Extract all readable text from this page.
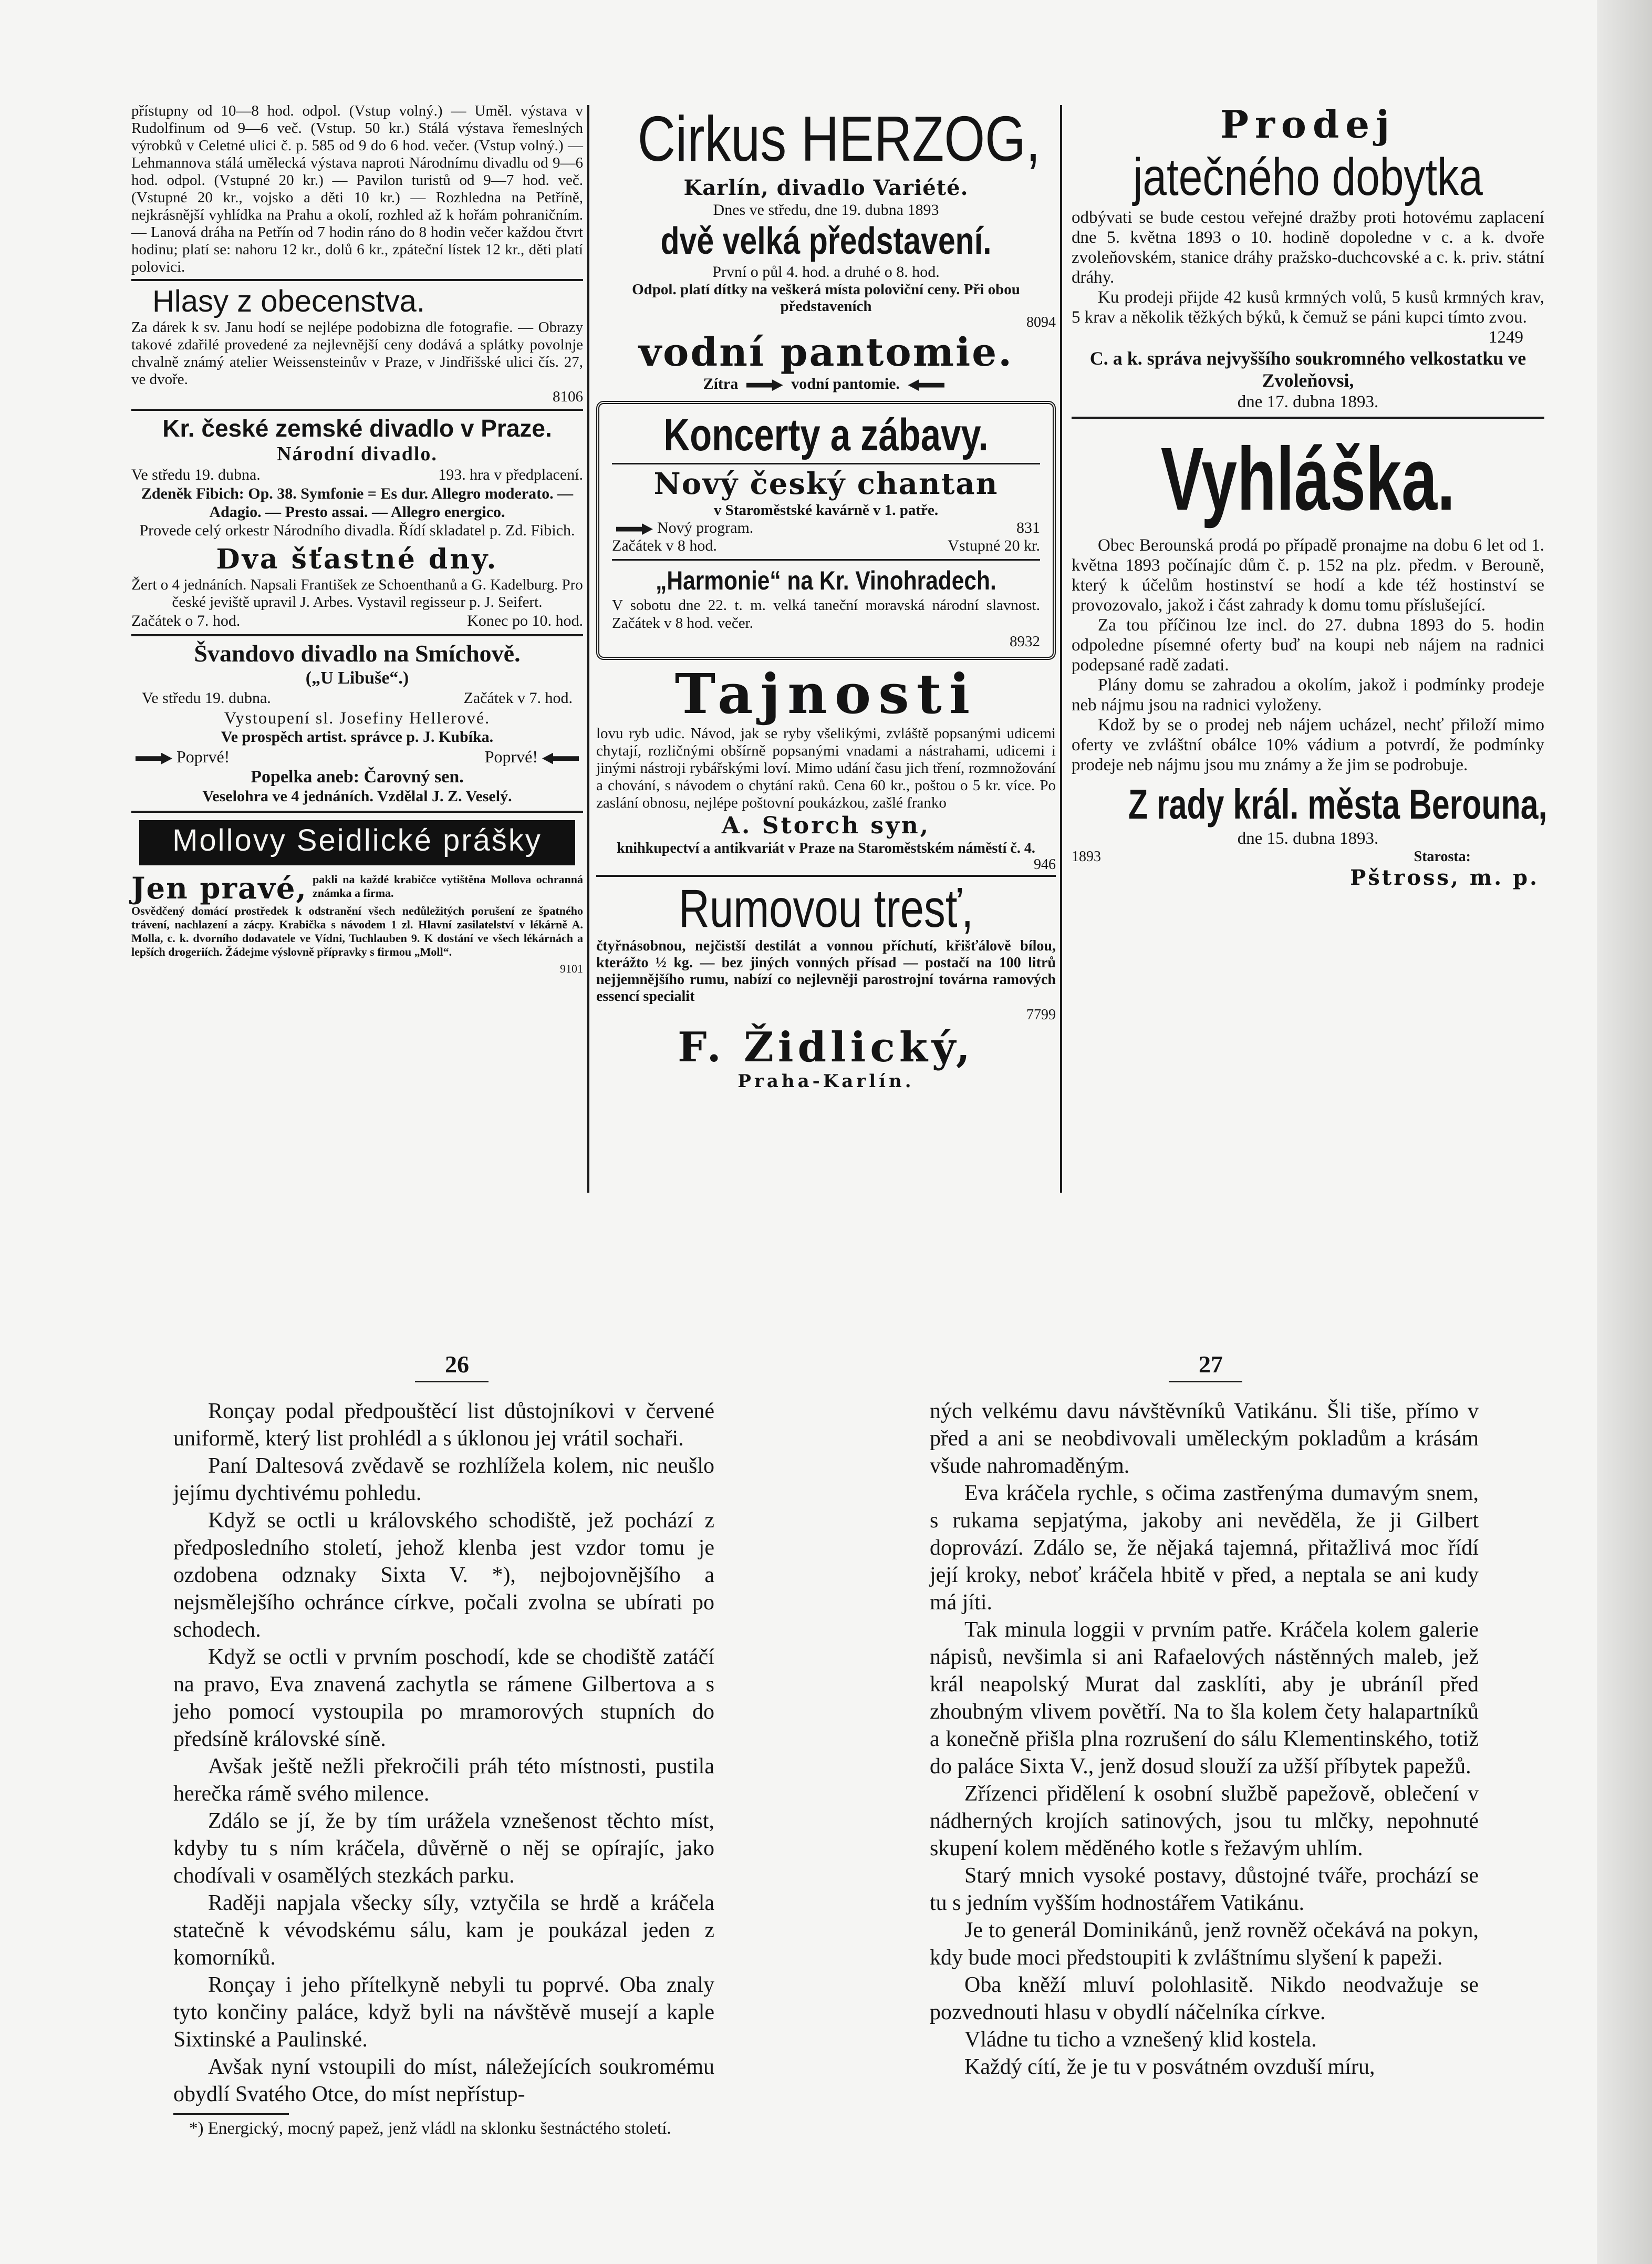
přístupny od 10—8 hod. odpol. (Vstup volný.) — Uměl. výstava v Rudolfinum od 9—6 več. (Vstup. 50 kr.) Stálá výstava řemeslných výrobků v Celetné ulici č. p. 585 od 9 do 6 hod. večer. (Vstup volný.) — Lehmannova stálá umělecká výstava naproti Národnímu divadlu od 9—6 hod. odpol. (Vstupné 20 kr.) — Pavilon turistů od 9—7 hod. več. (Vstupné 20 kr., vojsko a děti 10 kr.) — Rozhledna na Petříně, nejkrásnější vyhlídka na Prahu a okolí, rozhled až k hořám pohraničním. — Lanová dráha na Petřín od 7 hodin ráno do 8 hodin večer každou čtvrt hodinu; platí se: nahoru 12 kr., dolů 6 kr., zpáteční lístek 12 kr., děti platí polovici.

Hlasy z obecenstva.

Za dárek k sv. Janu hodí se nejlépe podobizna dle fotografie. — Obrazy takové zdařilé provedené za nejlevnější ceny dodává a splátky povolnje chvalně známý atelier Weissensteinův v Praze, v Jindřišské ulici čís. 27, ve dvoře.

8106
Kr. české zemské divadlo v Praze.
Národní divadlo.
Ve středu 19. dubna.	193. hra v předplacení.

Zdeněk Fibich: Op. 38. Symfonie = Es dur. Allegro moderato. — Adagio. — Presto assai. — Allegro energico.

Provede celý orkestr Národního divadla. Řídí skladatel p. Zd. Fibich.

Dva šťastné dny.

Žert o 4 jednáních. Napsali František ze Schoenthanů a G. Kadelburg. Pro české jeviště upravil J. Arbes. Vystavil regisseur p. J. Seifert.

Začátek o 7. hod.	Konec po 10. hod.
Švandovo divadlo na Smíchově.
(„U Libuše“.)
Ve středu 19. dubna.	Začátek v 7. hod.
Vystoupení sl. Josefiny Hellerové.
Ve prospěch artist. správce p. J. Kubíka.
Poprvé!	Poprvé!
Popelka aneb: Čarovný sen.
Veselohra ve 4 jednáních. Vzdělal J. Z. Veselý.
Mollovy Seidlické prášky
Jen pravé, pakli na každé krabičce vytištěna Mollova ochranná známka a firma.

Osvědčený domácí prostředek k odstranění všech nedůležitých porušení ze špatného trávení, nachlazení a zácpy. Krabička s návodem 1 zl. Hlavní zasilatelství v lékárně A. Molla, c. k. dvorního dodavatele ve Vídni, Tuchlauben 9. K dostání ve všech lékárnách a lepších drogeriích. Žádejme výslovně přípravky s firmou „Moll“.

9101
Cirkus HERZOG,
Karlín, divadlo Variété.
Dnes ve středu, dne 19. dubna 1893
dvě velká představení.
První o půl 4. hod. a druhé o 8. hod.

Odpol. platí dítky na veškerá místa poloviční ceny. Při obou představeních

8094
vodní pantomie.
Zítra	vodní pantomie.
Koncerty a zábavy.
Nový český chantan
v Staroměstské kavárně v 1. patře.
Nový program.	831
Začátek v 8 hod.	Vstupné 20 kr.
„Harmonie“ na Kr. Vinohradech.

V sobotu dne 22. t. m. velká taneční moravská národní slavnost. Začátek v 8 hod. večer.

8932
Tajnosti

lovu ryb udic. Návod, jak se ryby všelikými, zvláště popsanými udicemi chytají, rozličnými obšírně popsanými vnadami a nástrahami, udicemi i jinými nástroji rybářskými loví. Mimo udání času jich tření, rozmnožování a chování, s návodem o chytání raků. Cena 60 kr., poštou o 5 kr. více. Po zaslání obnosu, nejlépe poštovní poukázkou, zašlé franko

A. Storch syn,

knihkupectví a antikvariát v Praze na Staroměstském náměstí č. 4.

946
Rumovou tresť,

čtyřnásobnou, nejčistší destilát a vonnou příchutí, křišťálově bílou, kterážto ½ kg. — bez jiných vonných přísad — postačí na 100 litrů nejjemnějšího rumu, nabízí co nejlevněji parostrojní továrna ramových essencí specialit

7799
F. Židlický,
Praha-Karlín.
Prodej
jatečného dobytka

odbývati se bude cestou veřejné dražby proti hotovému zaplacení dne 5. května 1893 o 10. hodině dopoledne v c. a k. dvoře zvoleňovském, stanice dráhy pražsko-duchcovské a c. k. priv. státní dráhy.

Ku prodeji přijde 42 kusů krmných volů, 5 kusů krmných krav, 5 krav a několik těžkých býků, k čemuž se páni kupci tímto zvou.

1249
C. a k. správa nejvyššího soukromného velkostatku ve Zvoleňovsi,
dne 17. dubna 1893.
Vyhláška.

Obec Berounská prodá po případě pronajme na dobu 6 let od 1. května 1893 počínajíc dům č. p. 152 na plz. předm. v Berouně, který k účelům hostinství se hodí a kde též hostinství se provozovalo, jakož i část zahrady k domu tomu příslušející.

Za tou příčinou lze incl. do 27. dubna 1893 do 5. hodin odpoledne písemné oferty buď na koupi neb nájem na radnici podepsané radě zadati.

Plány domu se zahradou a okolím, jakož i podmínky prodeje neb nájmu jsou na radnici vyloženy.

Kdož by se o prodej neb nájem ucházel, nechť přiloží mimo oferty ve zvláštní obálce 10% vádium a potvrdí, že podmínky prodeje neb nájmu jsou mu známy a že jim se podrobuje.

Z rady král. města Berouna,
dne 15. dubna 1893.
1893	Starosta:
Pštross, m. p.
26	27

Ronçay podal předpouštěcí list důstojníkovi v červené uniformě, který list prohlédl a s úklonou jej vrátil sochaři.

Paní Daltesová zvědavě se rozhlížela kolem, nic neušlo jejímu dychtivému pohledu.

Když se octli u královského schodiště, jež pochází z předposledního století, jehož klenba jest vzdor tomu je ozdobena odznaky Sixta V. *), nejbojovnějšího a nejsmělejšího ochránce církve, počali zvolna se ubírati po schodech.

Když se octli v prvním poschodí, kde se chodiště zatáčí na pravo, Eva znavená zachytla se rámene Gilbertova a s jeho pomocí vystoupila po mramorových stupních do předsíně královské síně.

Avšak ještě nežli překročili práh této místnosti, pustila herečka rámě svého milence.

Zdálo se jí, že by tím urážela vznešenost těchto míst, kdyby tu s ním kráčela, důvěrně o něj se opírajíc, jako chodívali v osamělých stezkách parku.

Raději napjala všecky síly, vztyčila se hrdě a kráčela statečně k vévodskému sálu, kam je poukázal jeden z komorníků.

Ronçay i jeho přítelkyně nebyli tu poprvé. Oba znaly tyto končiny paláce, když byli na návštěvě musejí a kaple Sixtinské a Paulinské.

Avšak nyní vstoupili do míst, náležejících soukromému obydlí Svatého Otce, do míst nepřístup-

*) Energický, mocný papež, jenž vládl na sklonku šestnáctého století.

ných velkému davu návštěvníků Vatikánu. Šli tiše, přímo v před a ani se neobdivovali uměleckým pokladům a krásám všude nahromaděným.

Eva kráčela rychle, s očima zastřenýma dumavým snem, s rukama sepjatýma, jakoby ani nevěděla, že ji Gilbert doprovází. Zdálo se, že nějaká tajemná, přitažlivá moc řídí její kroky, neboť kráčela hbitě v před, a neptala se ani kudy má jíti.

Tak minula loggii v prvním patře. Kráčela kolem galerie nápisů, nevšimla si ani Rafaelových nástěnných maleb, jež král neapolský Murat dal zasklíti, aby je ubráníl před zhoubným vlivem povětří. Na to šla kolem čety halapartníků a konečně přišla plna rozrušení do sálu Klementinského, totiž do paláce Sixta V., jenž dosud slouží za užší příbytek papežů.

Zřízenci přidělení k osobní službě papežově, oblečení v nádherných krojích satinových, jsou tu mlčky, nepohnuté skupení kolem měděného kotle s řežavým uhlím.

Starý mnich vysoké postavy, důstojné tváře, prochází se tu s jedním vyšším hodnostářem Vatikánu.

Je to generál Dominikánů, jenž rovněž očekává na pokyn, kdy bude moci předstoupiti k zvláštnímu slyšení k papeži.

Oba kněží mluví polohlasitě. Nikdo neodvažuje se pozvednouti hlasu v obydlí náčelníka církve.

Vládne tu ticho a vznešený klid kostela.

Každý cítí, že je tu v posvátném ovzduší míru,
